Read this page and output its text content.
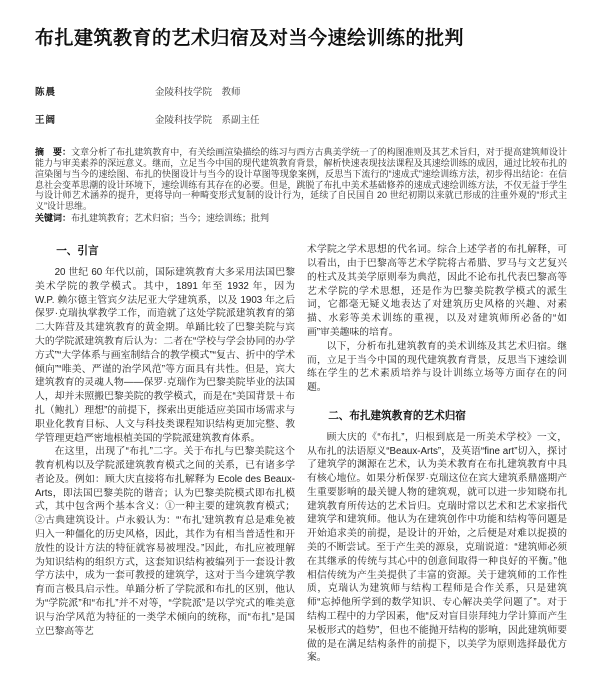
布扎建筑教育的艺术归宿及对当今速绘训练的批判
陈晨	金陵科技学院　教师
王阔	金陵科技学院　系副主任
摘　要：文章分析了布扎建筑教育中，有关绘画渲染描绘的练习与西方古典美学统一了的构图准则及其艺术旨归，对于提高建筑师设计能力与审美素养的深远意义。继而，立足当今中国的现代建筑教育背景，解析快速表现技法课程及其速绘训练的成因，通过比较布扎的渲染图与当今的速绘图、布扎的快图设计与当今的设计草图等现象案例，反思当下流行的“速成式”速绘训练方法，初步得出结论：在信息社会变革思潮的设计环境下，速绘训练有其存在的必要。但是，跳脱了布扎中美术基础修养的速成式速绘训练方法，不仅无益于学生与设计师艺术涵养的提升，更将导向一种畸变形式复制的设计行为，延续了自民国自 20 世纪初期以来就已形成的注重外观的“形式主义”设计思维。
关键词：布扎建筑教育；艺术归宿；当今；速绘训练；批判
一、引言

20 世纪 60 年代以前，国际建筑教育大多采用法国巴黎美术学院的教学模式。其中，1891 年至 1932 年，因为 W.P. 赖尔德主管宾夕法尼亚大学建筑系，以及 1903 年之后保罗·克瑞执掌教学工作，而造就了这处学院派建筑教育的第二大阵营及其建筑教育的黄金期。单踊比较了巴黎美院与宾大的学院派建筑教育后认为：二者在“学校与学会协同的办学方式”“大学体系与画室制结合的教学模式”“复古、折中的学术倾向”“唯美、严谨的治学风范”等方面具有共性。但是，宾大建筑教育的灵魂人物——保罗·克瑞作为巴黎美院毕业的法国人，却并未照搬巴黎美院的教学模式，而是在“美国背景＋布扎（鲍扎）理想”的前提下，探索出更能适应美国市场需求与职业化教育目标、人文与科技类课程知识结构更加完整、教学管理更趋严密地根植美国的学院派建筑教育体系。

在这里，出现了“布扎”二字。关于布扎与巴黎美院这个教育机构以及学院派建筑教育模式之间的关系，已有诸多学者论及。例如：顾大庆直接将布扎解释为 Ecole des Beaux-Arts，即法国巴黎美院的谐音；认为巴黎美院模式即布扎模式，其中包含两个基本含义：①一种主要的建筑教育模式；②古典建筑设计。卢永毅认为：“‘布扎’建筑教育总是难免被归入一种僵化的历史风格，因此，其作为有相当普适性和开放性的设计方法的特征就容易被埋没。”因此，布扎应被理解为知识结构的组织方式，这套知识结构被编列于一套设计教学方法中，成为一套可教授的建筑学，这对于当今建筑学教育而言极具启示性。单踊分析了学院派和布扎的区别，他认为“学院派”和“布扎”并不对等，“学院派”是以学究式的唯美意识与治学风范为特征的一类学术倾向的统称，而“布扎”是国立巴黎高等艺

术学院之学术思想的代名词。综合上述学者的布扎解释，可以看出，由于巴黎高等艺术学院将古希腊、罗马与文艺复兴的柱式及其美学原则奉为典范，因此不论布扎代表巴黎高等艺术学院的学术思想，还是作为巴黎美院教学模式的派生词，它都毫无疑义地表达了对建筑历史风格的兴趣、对素描、水彩等美术训练的重视，以及对建筑师所必备的“如画”审美趣味的培育。

以下，分析布扎建筑教育的美术训练及其艺术归宿。继而，立足于当今中国的现代建筑教育背景，反思当下速绘训练在学生的艺术素质培养与设计训练立场等方面存在的问题。

二、布扎建筑教育的艺术归宿

顾大庆的《“布扎”，归根到底是一所美术学校》一文，从布扎的法语原义“Beaux-Arts”，及英语“fine art”切入，探讨了建筑学的渊源在艺术，认为美术教育在布扎建筑教育中具有核心地位。如果分析保罗·克瑞这位在宾大建筑系鼎盛期产生重要影响的最关键人物的建筑观，就可以进一步知晓布扎建筑教育所传达的艺术旨归。克瑞时常以艺术和艺术家指代建筑学和建筑师。他认为在建筑创作中功能和结构等问题是开始追求美的前提，是设计的开始，之后便是对难以捉摸的美的不断尝试。至于产生美的源泉，克瑞说道：“建筑师必须在其继承的传统与其心中的创意间取得一种良好的平衡。”他相信传统为产生美提供了丰富的资源。关于建筑师的工作性质，克瑞认为建筑师与结构工程师是合作关系，只是建筑师“忘掉他所学到的数学知识、专心解决美学问题了”。对于结构工程中的力学因素，他“反对盲目崇拜纯力学计算而产生呆板形式的趋势”，但也不能抛开结构的影响，因此建筑师要做的是在满足结构条件的前提下，以美学为原则选择最优方案。
